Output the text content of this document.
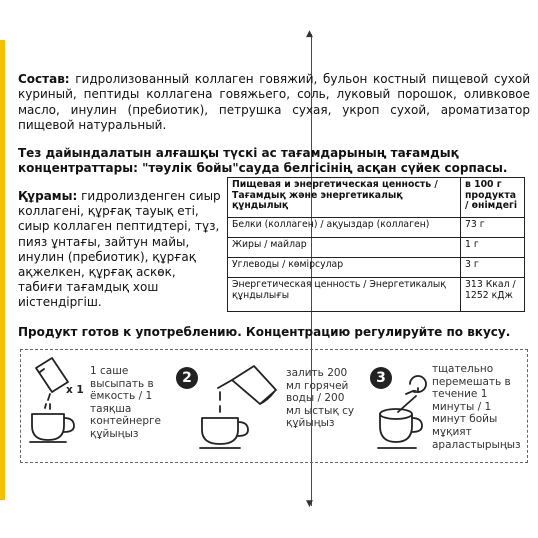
▲
▼

Состав: гидролизованный коллаген говяжий, бульон костный пищевой сухой куриный, пептиды коллагена говяжьего, соль, луковый порошок, оливковое масло, инулин (пребиотик), петрушка сухая, укроп сухой, ароматизатор пищевой натуральный.

Тез дайындалатын алғашқы түскі ас тағамдарының тағамдық концентраттары: "тәулік бойы"сауда белгісінің асқан сүйек сорпасы.

Құрамы: гидролизденген сиыр коллагені, құрғақ тауық еті, сиыр коллаген пептидтері, тұз, пияз ұнтағы, зайтун майы, инулин (пребиотик), құрғақ ақжелкен, құрғақ аскөк, табиғи тағамдық хош иістендіргіш.

Пищевая и энергетическая ценность / Тағамдық және энергетикалық құндылық	в 100 г продукта / өнімдегі
Белки (коллаген) / ақуыздар (коллаген)	73 г
Жиры / майлар	1 г
Углеводы / көмірсулар	3 г
Энергетическая ценность / Энергетикалық құндылығы	313 Ккал / 1252 кДж

Продукт готов к употреблению. Концентрацию регулируйте по вкусу.

x 1

1 саше высыпать в ёмкость / 1 таяқша контейнерге құйыңыз

2	залить 200 мл горячей воды / 200 мл ыстық су құйыңыз

3

тщательно перемешать в течение 1 минуты / 1 минут бойы мұқият араластырыңыз
